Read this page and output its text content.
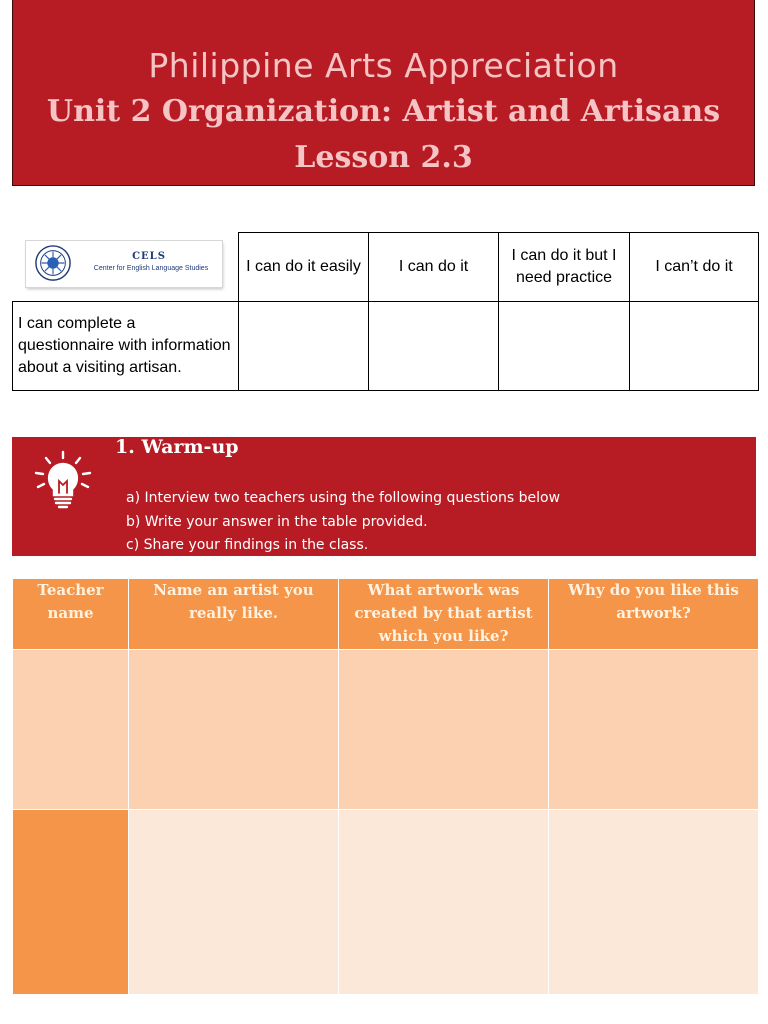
Philippine Arts Appreciation
Unit 2 Organization: Artist and Artisans
Lesson 2.3
	I can do it easily	I can do it	I can do it but I need practice	I can’t do it
I can complete a questionnaire with information about a visiting artisan.				
CELS
Center for English Language Studies
1. Warm-up
a) Interview two teachers using the following questions below
b) Write your answer in the table provided.
c) Share your findings in the class.
Teacher name	Name an artist you really like.	What artwork was created by that artist which you like?	Why do you like this artwork?
